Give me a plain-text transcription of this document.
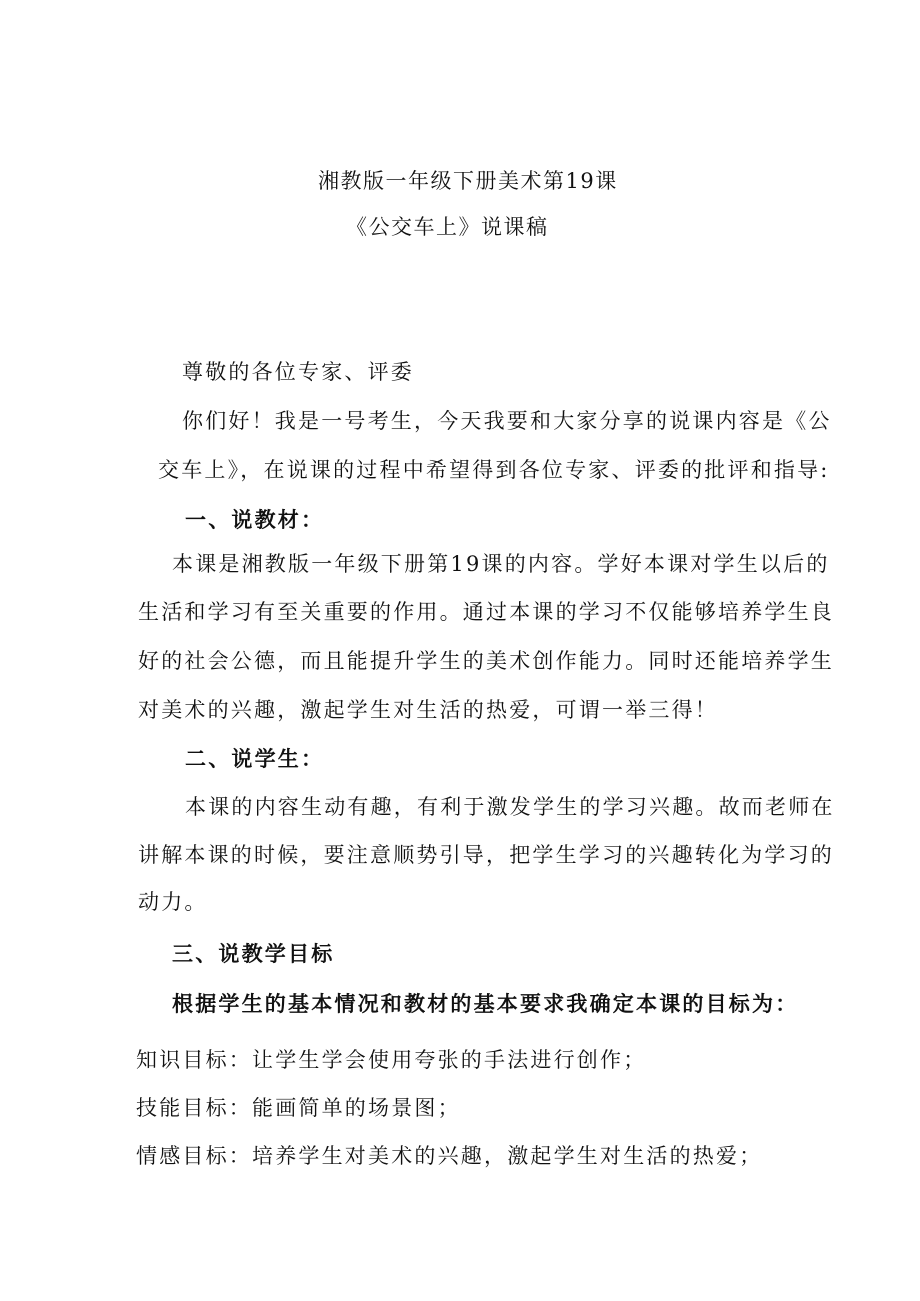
湘教版一年级下册美术第19课
《公交车上》说课稿
尊敬的各位专家、评委
你们好！我是一号考生，今天我要和大家分享的说课内容是《公
交车上》，在说课的过程中希望得到各位专家、评委的批评和指导:
一、说教材：
本课是湘教版一年级下册第19课的内容。学好本课对学生以后的
生活和学习有至关重要的作用。通过本课的学习不仅能够培养学生良
好的社会公德，而且能提升学生的美术创作能力。同时还能培养学生
对美术的兴趣，激起学生对生活的热爱，可谓一举三得！
二、说学生：
本课的内容生动有趣，有利于激发学生的学习兴趣。故而老师在
讲解本课的时候，要注意顺势引导，把学生学习的兴趣转化为学习的
动力。
三、说教学目标
根据学生的基本情况和教材的基本要求我确定本课的目标为：
知识目标：让学生学会使用夸张的手法进行创作；
技能目标：能画简单的场景图；
情感目标：培养学生对美术的兴趣，激起学生对生活的热爱；
